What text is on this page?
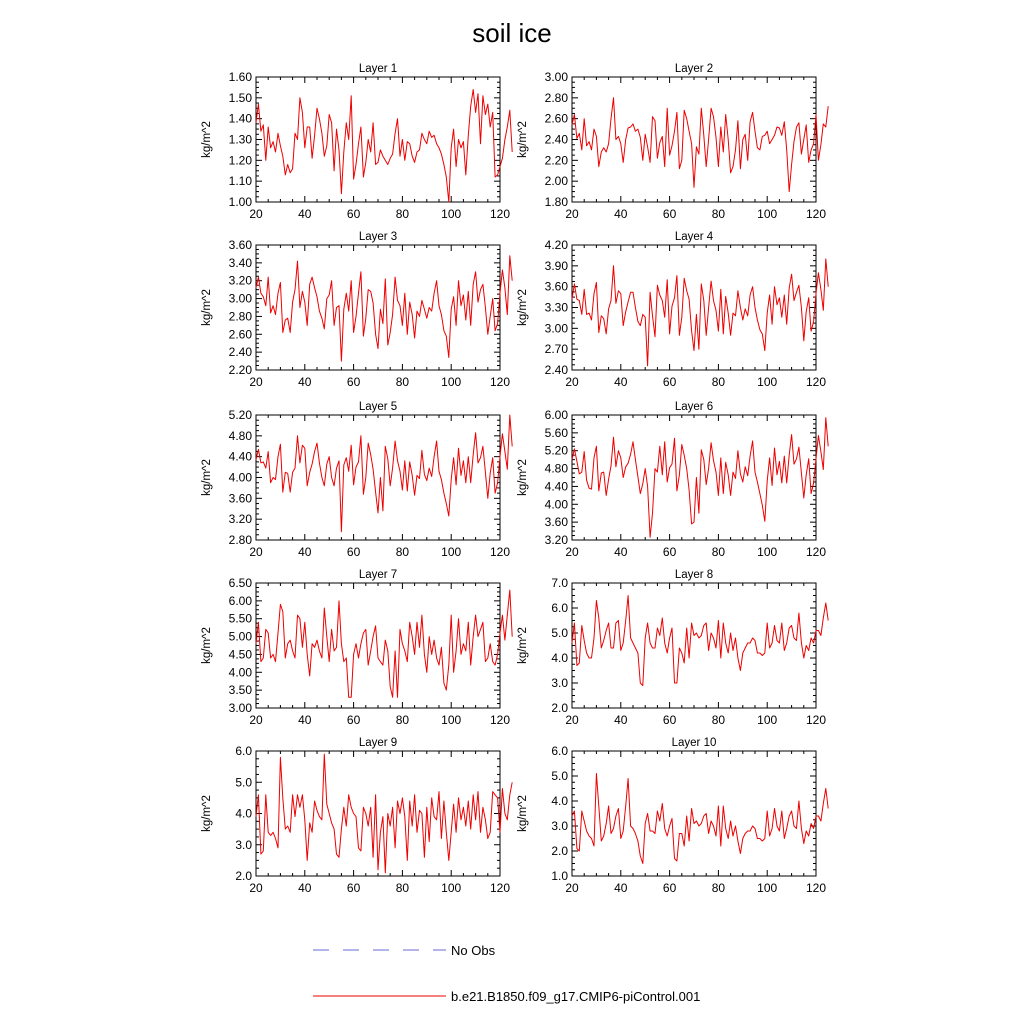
soil ice
Layer 1
kg/m^2
20	40	60	80	100 120
1.00
1.10
1.20
1.30
1.40
1.50
1.60
Layer 2
kg/m^2
20	40	60	80	100 120
1.80
2.00
2.20
2.40
2.60
2.80
3.00
Layer 3
kg/m^2
20	40	60	80	100 120
2.20
2.40
2.60
2.80
3.00
3.20
3.40
3.60
Layer 4
kg/m^2
20	40	60	80	100 120
2.40
2.70
3.00
3.30
3.60
3.90
4.20
Layer 5
kg/m^2
20	40	60	80	100 120
2.80
3.20
3.60
4.00
4.40
4.80
5.20
Layer 6
kg/m^2
20	40	60	80	100 120
3.20
3.60
4.00
4.40
4.80
5.20
5.60
6.00
Layer 7
kg/m^2
20	40	60	80	100 120
3.00
3.50
4.00
4.50
5.00
5.50
6.00
6.50
Layer 8
kg/m^2
20	40	60	80	100 120
2.0
3.0
4.0
5.0
6.0
7.0
Layer 9
kg/m^2
20	40	60	80	100 120
2.0
3.0
4.0
5.0
6.0
Layer 10
kg/m^2
20	40	60	80	100 120
1.0
2.0
3.0
4.0
5.0
6.0
No Obs
b.e21.B1850.f09_g17.CMIP6-piControl.001
